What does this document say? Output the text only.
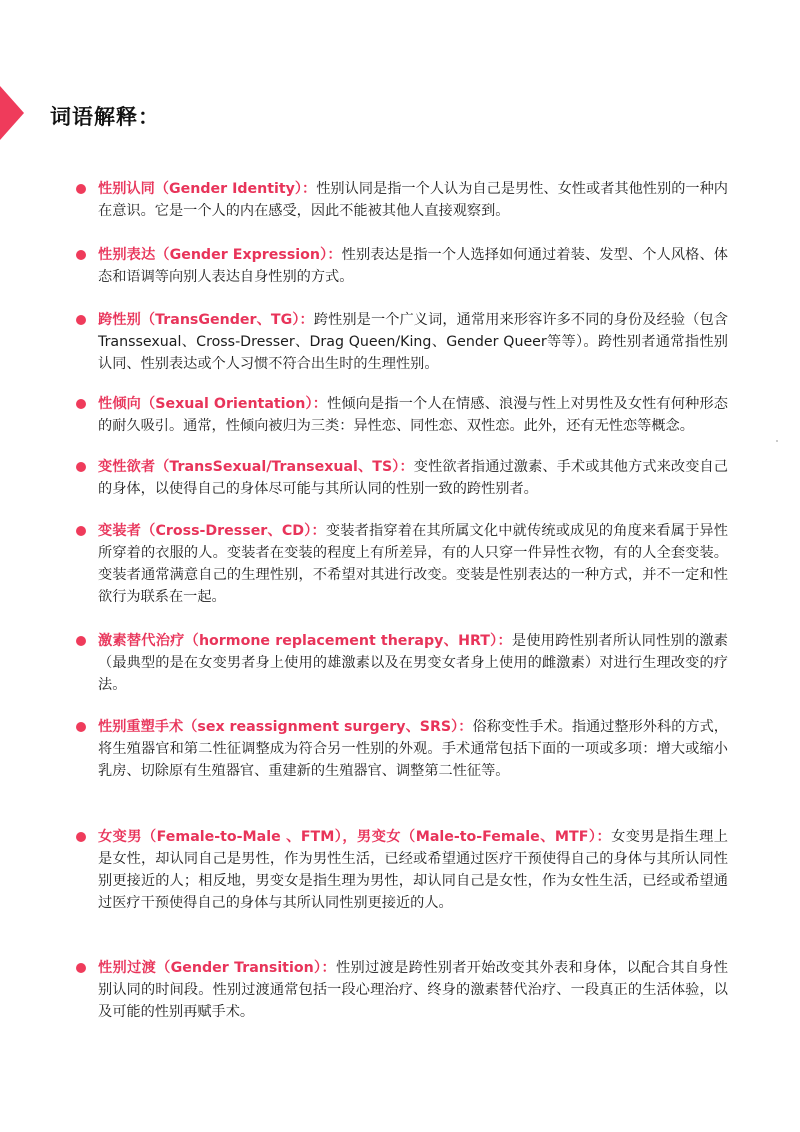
词语解释：
性别认同（Gender Identity）：性别认同是指一个人认为自己是男性、女性或者其他性别的一种内在意识。它是一个人的内在感受，因此不能被其他人直接观察到。
性别表达（Gender Expression）：性别表达是指一个人选择如何通过着装、发型、个人风格、体态和语调等向别人表达自身性别的方式。
跨性别（TransGender、TG）：跨性别是一个广义词，通常用来形容许多不同的身份及经验（包含Transsexual、Cross-Dresser、Drag Queen/King、Gender Queer等等）。跨性别者通常指性别认同、性别表达或个人习惯不符合出生时的生理性别。
性倾向（Sexual Orientation）：性倾向是指一个人在情感、浪漫与性上对男性及女性有何种形态的耐久吸引。通常，性倾向被归为三类：异性恋、同性恋、双性恋。此外，还有无性恋等概念。
变性欲者（TransSexual/Transexual、TS）：变性欲者指通过激素、手术或其他方式来改变自己的身体，以使得自己的身体尽可能与其所认同的性别一致的跨性别者。
变装者（Cross-Dresser、CD）：变装者指穿着在其所属文化中就传统或成见的角度来看属于异性所穿着的衣服的人。变装者在变装的程度上有所差异，有的人只穿一件异性衣物，有的人全套变装。变装者通常满意自己的生理性别，不希望对其进行改变。变装是性别表达的一种方式，并不一定和性欲行为联系在一起。
激素替代治疗（hormone replacement therapy、HRT）：是使用跨性别者所认同性别的激素（最典型的是在女变男者身上使用的雄激素以及在男变女者身上使用的雌激素）对进行生理改变的疗法。
性别重塑手术（sex reassignment surgery、SRS）：俗称变性手术。指通过整形外科的方式，将生殖器官和第二性征调整成为符合另一性别的外观。手术通常包括下面的一项或多项：增大或缩小乳房、切除原有生殖器官、重建新的生殖器官、调整第二性征等。
女变男（Female-to-Male 、FTM），男变女（Male-to-Female、MTF）：女变男是指生理上是女性，却认同自己是男性，作为男性生活，已经或希望通过医疗干预使得自己的身体与其所认同性别更接近的人；相反地，男变女是指生理为男性，却认同自己是女性，作为女性生活，已经或希望通过医疗干预使得自己的身体与其所认同性别更接近的人。
性别过渡（Gender Transition）：性别过渡是跨性别者开始改变其外表和身体，以配合其自身性别认同的时间段。性别过渡通常包括一段心理治疗、终身的激素替代治疗、一段真正的生活体验，以及可能的性别再赋手术。
